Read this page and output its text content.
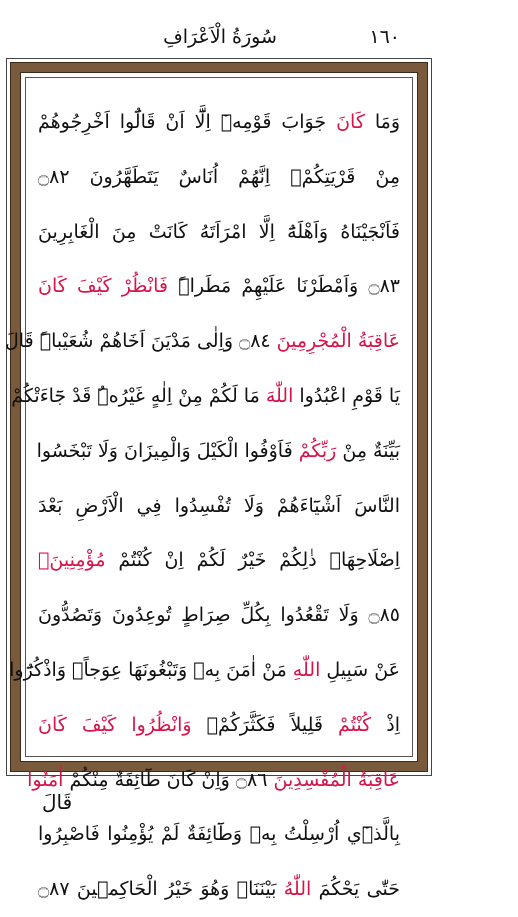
سُورَةُ الْاَعْرَافِ	١٦٠
وَمَا كَانَ جَوَابَ قَوْمِهٖٓ اِلَّٓا اَنْ قَالُٓوا اَخْرِجُوهُمْ
مِنْ قَرْيَتِكُمْۚ اِنَّهُمْ اُنَاسٌ يَتَطَهَّرُونَ ۝٨٢
فَاَنْجَيْنَاهُ وَاَهْلَهُٓ اِلَّا امْرَاَتَهُ كَانَتْ مِنَ الْغَابِرِينَ
۝٨٣ وَاَمْطَرْنَا عَلَيْهِمْ مَطَراًۜ فَانْظُرْ كَيْفَ كَانَ
عَاقِبَةُ الْمُجْرِمِينَ ۝٨٤ وَاِلٰى مَدْيَنَ اَخَاهُمْ شُعَيْباًۜ قَالَ
يَا قَوْمِ اعْبُدُوا اللّٰهَ مَا لَكُمْ مِنْ اِلٰهٍ غَيْرُهُۜ قَدْ جَٓاءَتْكُمْ
بَيِّنَةٌ مِنْ رَبِّكُمْ فَاَوْفُوا الْكَيْلَ وَالْمِيزَانَ وَلَا تَبْخَسُوا
النَّاسَ اَشْيَٓاءَهُمْ وَلَا تُفْسِدُوا فِي الْاَرْضِ بَعْدَ
اِصْلَاحِهَاۜ ذٰلِكُمْ خَيْرٌ لَكُمْ اِنْ كُنْتُمْ مُؤْمِنِينَۚ
۝٨٥ وَلَا تَقْعُدُوا بِكُلِّ صِرَاطٍ تُوعِدُونَ وَتَصُدُّونَ
عَنْ سَبِيلِ اللّٰهِ مَنْ اٰمَنَ بِهٖ وَتَبْغُونَهَا عِوَجاًۚ وَاذْكُرُٓوا
اِذْ كُنْتُمْ قَلِيلاً فَكَثَّرَكُمْۖ وَانْظُرُوا كَيْفَ كَانَ
عَاقِبَةُ الْمُفْسِدِينَ ۝٨٦ وَاِنْ كَانَ طَٓائِفَةٌ مِنْكُمْ اٰمَنُوا
بِالَّذ۪ٓي اُرْسِلْتُ بِهٖ وَطَٓائِفَةٌ لَمْ يُؤْمِنُوا فَاصْبِرُوا
حَتّٰى يَحْكُمَ اللّٰهُ بَيْنَنَاۚ وَهُوَ خَيْرُ الْحَاكِم۪ينَ ۝٨٧
قَالَ
